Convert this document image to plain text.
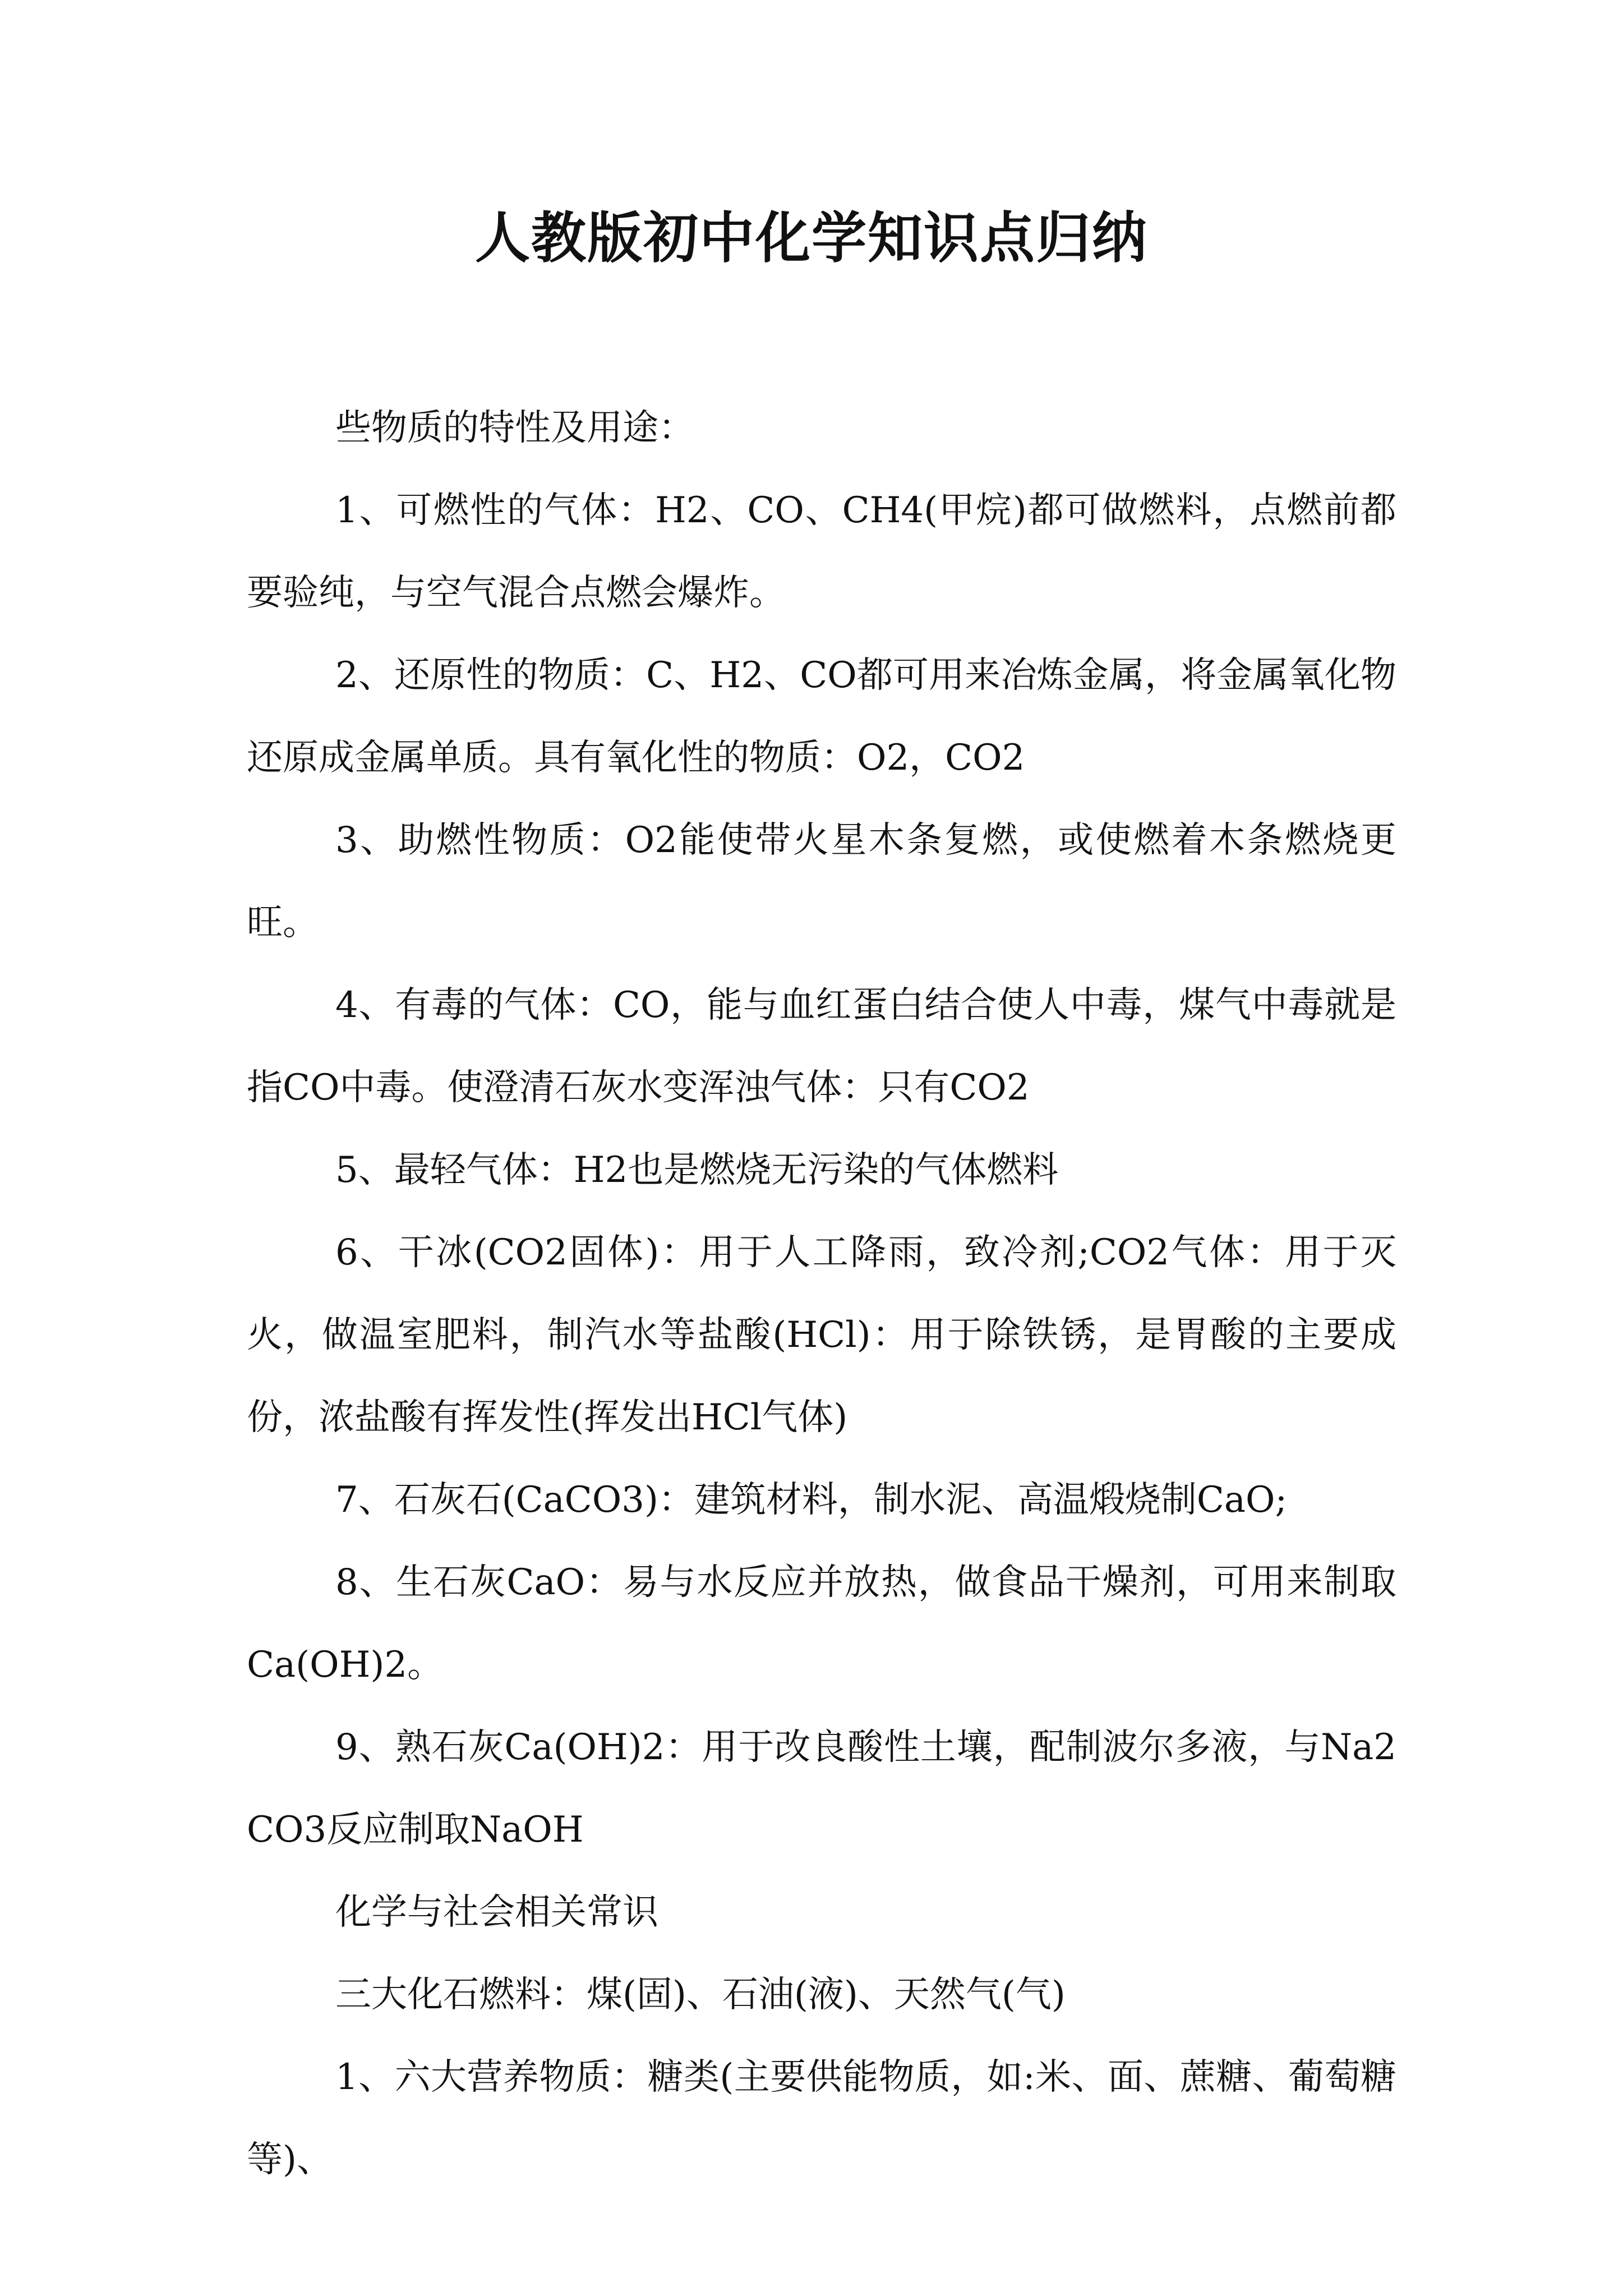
人教版初中化学知识点归纳

些物质的特性及用途：

1、可燃性的气体：H2、CO、CH4(甲烷)都可做燃料，点燃前都要验纯，与空气混合点燃会爆炸。

2、还原性的物质：C、H2、CO都可用来冶炼金属，将金属氧化物还原成金属单质。具有氧化性的物质：O2，CO2

3、助燃性物质：O2能使带火星木条复燃，或使燃着木条燃烧更旺。

4、有毒的气体：CO，能与血红蛋白结合使人中毒，煤气中毒就是指CO中毒。使澄清石灰水变浑浊气体：只有CO2

5、最轻气体：H2也是燃烧无污染的气体燃料

6、干冰(CO2固体)：用于人工降雨，致冷剂;CO2气体：用于灭火，做温室肥料，制汽水等盐酸(HCl)：用于除铁锈，是胃酸的主要成份，浓盐酸有挥发性(挥发出HCl气体)

7、石灰石(CaCO3)：建筑材料，制水泥、高温煅烧制CaO;

8、生石灰CaO：易与水反应并放热，做食品干燥剂，可用来制取Ca(OH)2。

9、熟石灰Ca(OH)2：用于改良酸性土壤，配制波尔多液，与Na2CO3反应制取NaOH

化学与社会相关常识

三大化石燃料：煤(固)、石油(液)、天然气(气)

1、六大营养物质：糖类(主要供能物质，如:米、面、蔗糖、葡萄糖等)、
